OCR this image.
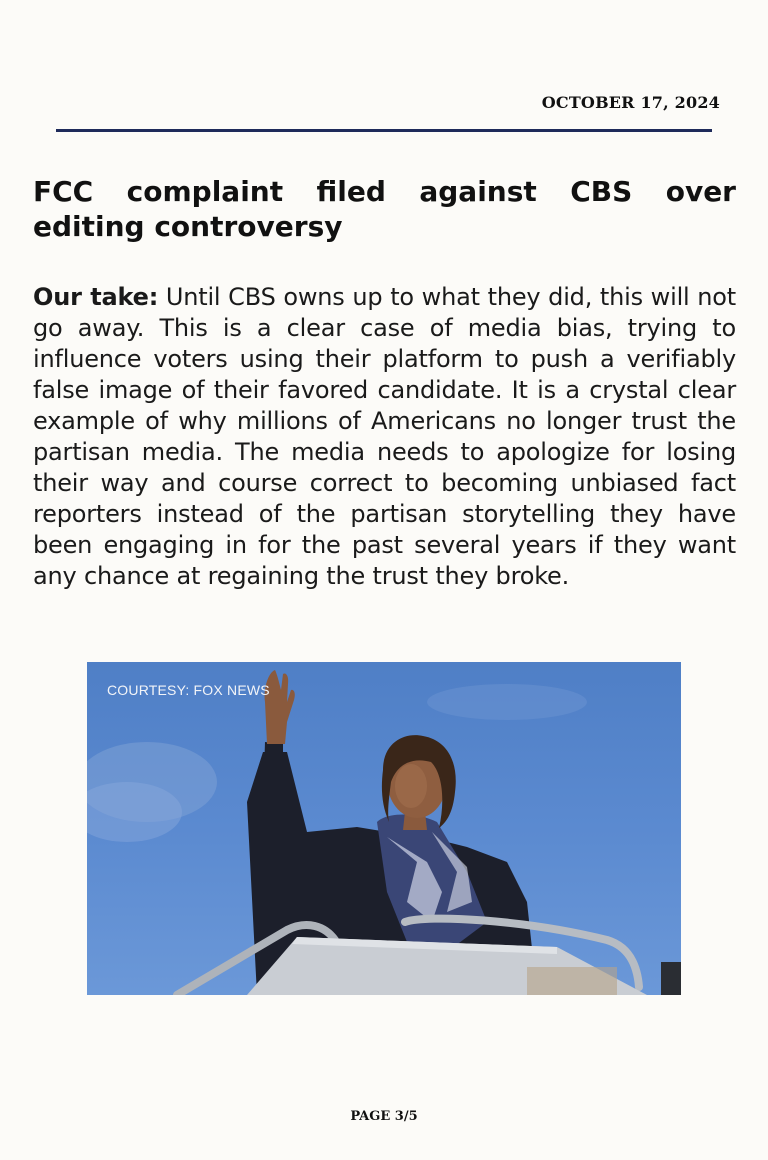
OCTOBER 17, 2024
FCC complaint filed against CBS over editing controversy

Our take: Until CBS owns up to what they did, this will not go away. This is a clear case of media bias, trying to influence voters using their platform to push a verifiably false image of their favored candidate. It is a crystal clear example of why millions of Americans no longer trust the partisan media. The media needs to apologize for losing their way and course correct to becoming unbiased fact reporters instead of the partisan storytelling they have been engaging in for the past several years if they want any chance at regaining the trust they broke.

COURTESY: FOX NEWS
PAGE 3/5
